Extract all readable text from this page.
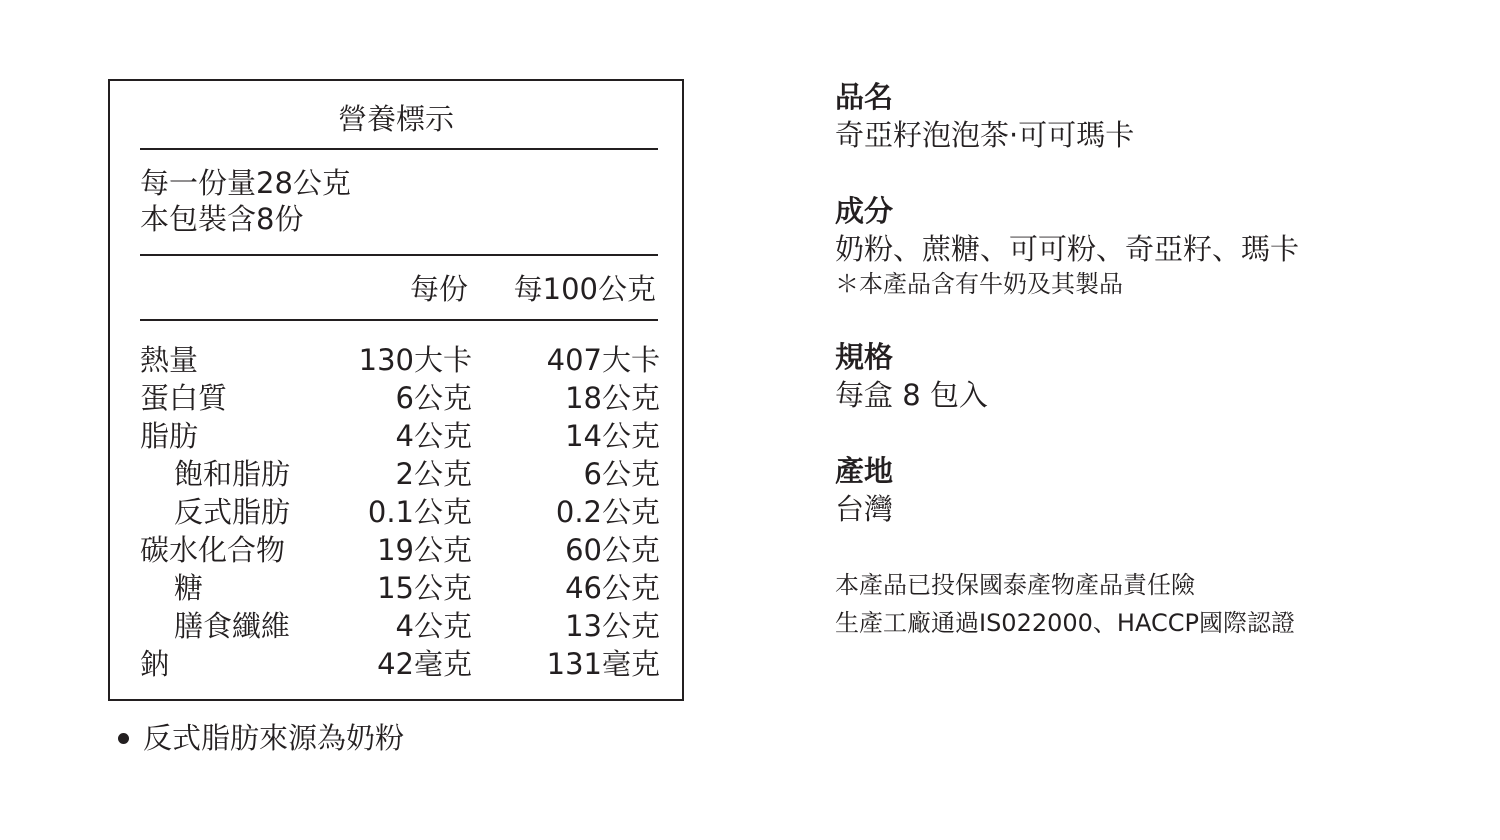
營養標示
每一份量28公克
本包裝含8份
每份 每100公克
熱量	130大卡	407大卡
蛋白質	6公克	18公克
脂肪	4公克	14公克
飽和脂肪	2公克	6公克
反式脂肪	0.1公克	0.2公克
碳水化合物	19公克	60公克
糖	15公克	46公克
膳食纖維	4公克	13公克
鈉	42毫克	131毫克
反式脂肪來源為奶粉
品名
奇亞籽泡泡茶·可可瑪卡
成分
奶粉、蔗糖、可可粉、奇亞籽、瑪卡
＊本產品含有牛奶及其製品
規格
每盒 8 包入
產地
台灣
本產品已投保國泰產物產品責任險
生產工廠通過IS022000、HACCP國際認證
